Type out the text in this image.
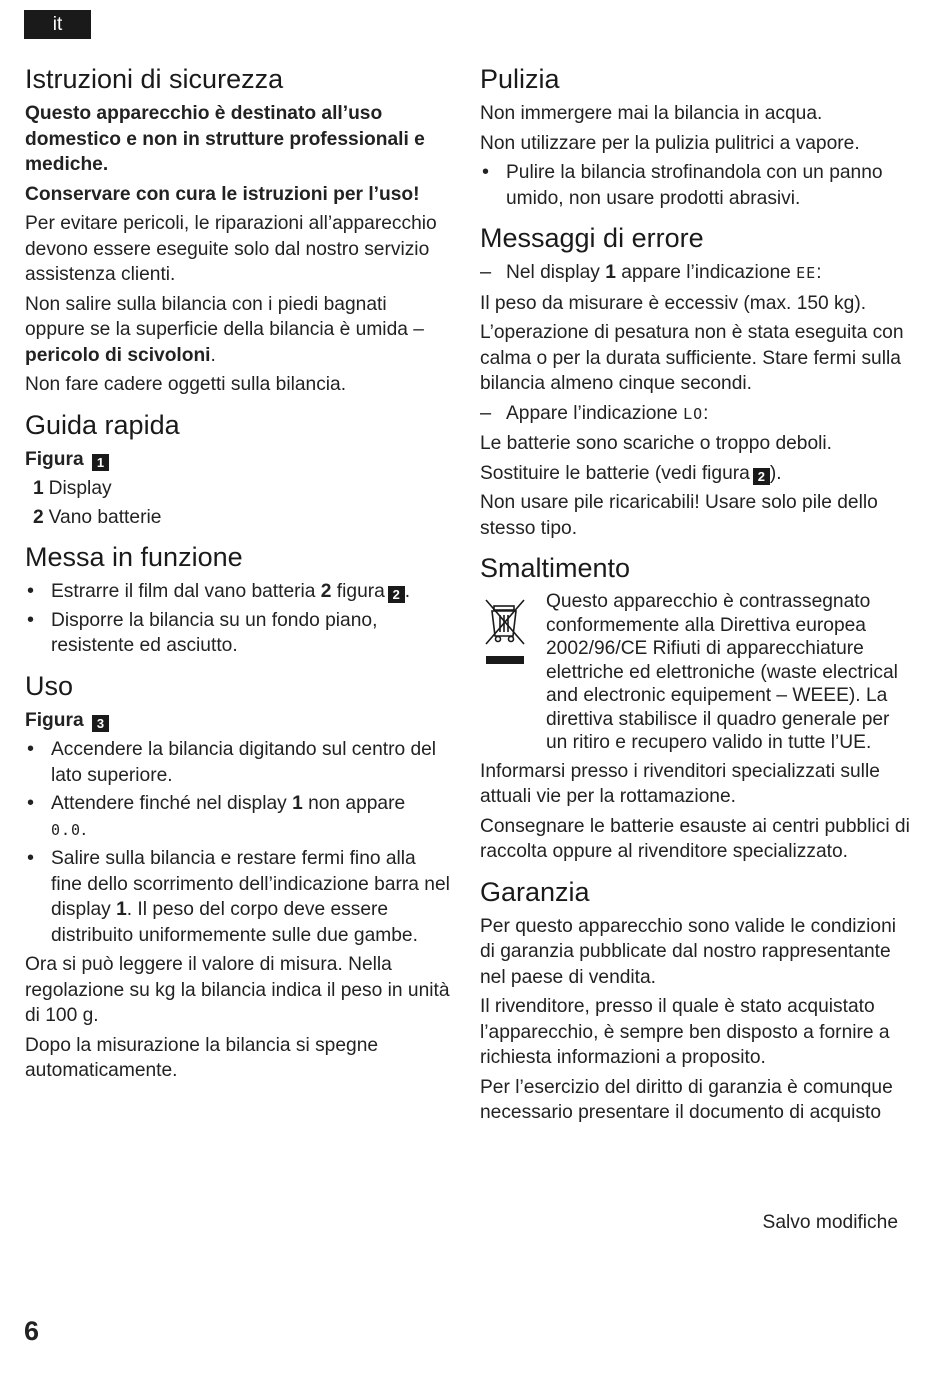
it
Istruzioni di sicurezza

Questo apparecchio è destinato all’uso domestico e non in strutture professionali e mediche.

Conservare con cura le istruzioni per l’uso!

Per evitare pericoli, le riparazioni all’apparecchio devono essere eseguite solo dal nostro servizio assistenza clienti.

Non salire sulla bilancia con i piedi bagnati oppure se la superficie della bilancia è umida – pericolo di scivoloni.

Non fare cadere oggetti sulla bilancia.

Guida rapida

Figura 1

1 Display
2 Vano batterie
Messa in funzione
• Estrarre il film dal vano batteria 2 figura 2 .
• Disporre la bilancia su un fondo piano, resistente ed asciutto.
Uso

Figura 3

• Accendere la bilancia digitando sul centro del lato superiore.
• Attendere finché nel display 1 non appare
0.0.
• Salire sulla bilancia e restare fermi fino alla fine dello scorrimento dell’indicazione barra nel display 1. Il peso del corpo deve essere distribuito uniformemente sulle due gambe.

Ora si può leggere il valore di misura. Nella regolazione su kg la bilancia indica il peso in unità di 100 g.

Dopo la misurazione la bilancia si spegne automaticamente.

Pulizia

Non immergere mai la bilancia in acqua.

Non utilizzare per la pulizia pulitrici a vapore.

• Pulire la bilancia strofinandola con un panno umido, non usare prodotti abrasivi.
Messaggi di errore
– Nel display 1 appare l’indicazione EE:

Il peso da misurare è eccessiv (max. 150 kg).

L’operazione di pesatura non è stata eseguita con calma o per la durata sufficiente. Stare fermi sulla bilancia almeno cinque secondi.

– Appare l’indicazione LO:

Le batterie sono scariche o troppo deboli.

Sostituire le batterie (vedi figura 2 ).

Non usare pile ricaricabili! Usare solo pile dello stesso tipo.

Smaltimento

Questo apparecchio è contrassegnato conformemente alla Direttiva europea 2002/96/CE Rifiuti di apparecchiature elettriche ed elettroniche (waste electrical and electronic equipement – WEEE). La direttiva stabilisce il quadro generale per un ritiro e recupero valido in tutte l’UE.

Informarsi presso i rivenditori specializzati sulle attuali vie per la rottamazione.

Consegnare le batterie esauste ai centri pubblici di raccolta oppure al rivenditore specializzato.

Garanzia

Per questo apparecchio sono valide le condizioni di garanzia pubblicate dal nostro rappresentante nel paese di vendita.

Il rivenditore, presso il quale è stato acquistato l’apparecchio, è sempre ben disposto a fornire a richiesta informazioni a proposito.

Per l’esercizio del diritto di garanzia è comunque necessario presentare il documento di acquisto

Salvo modifiche
6
